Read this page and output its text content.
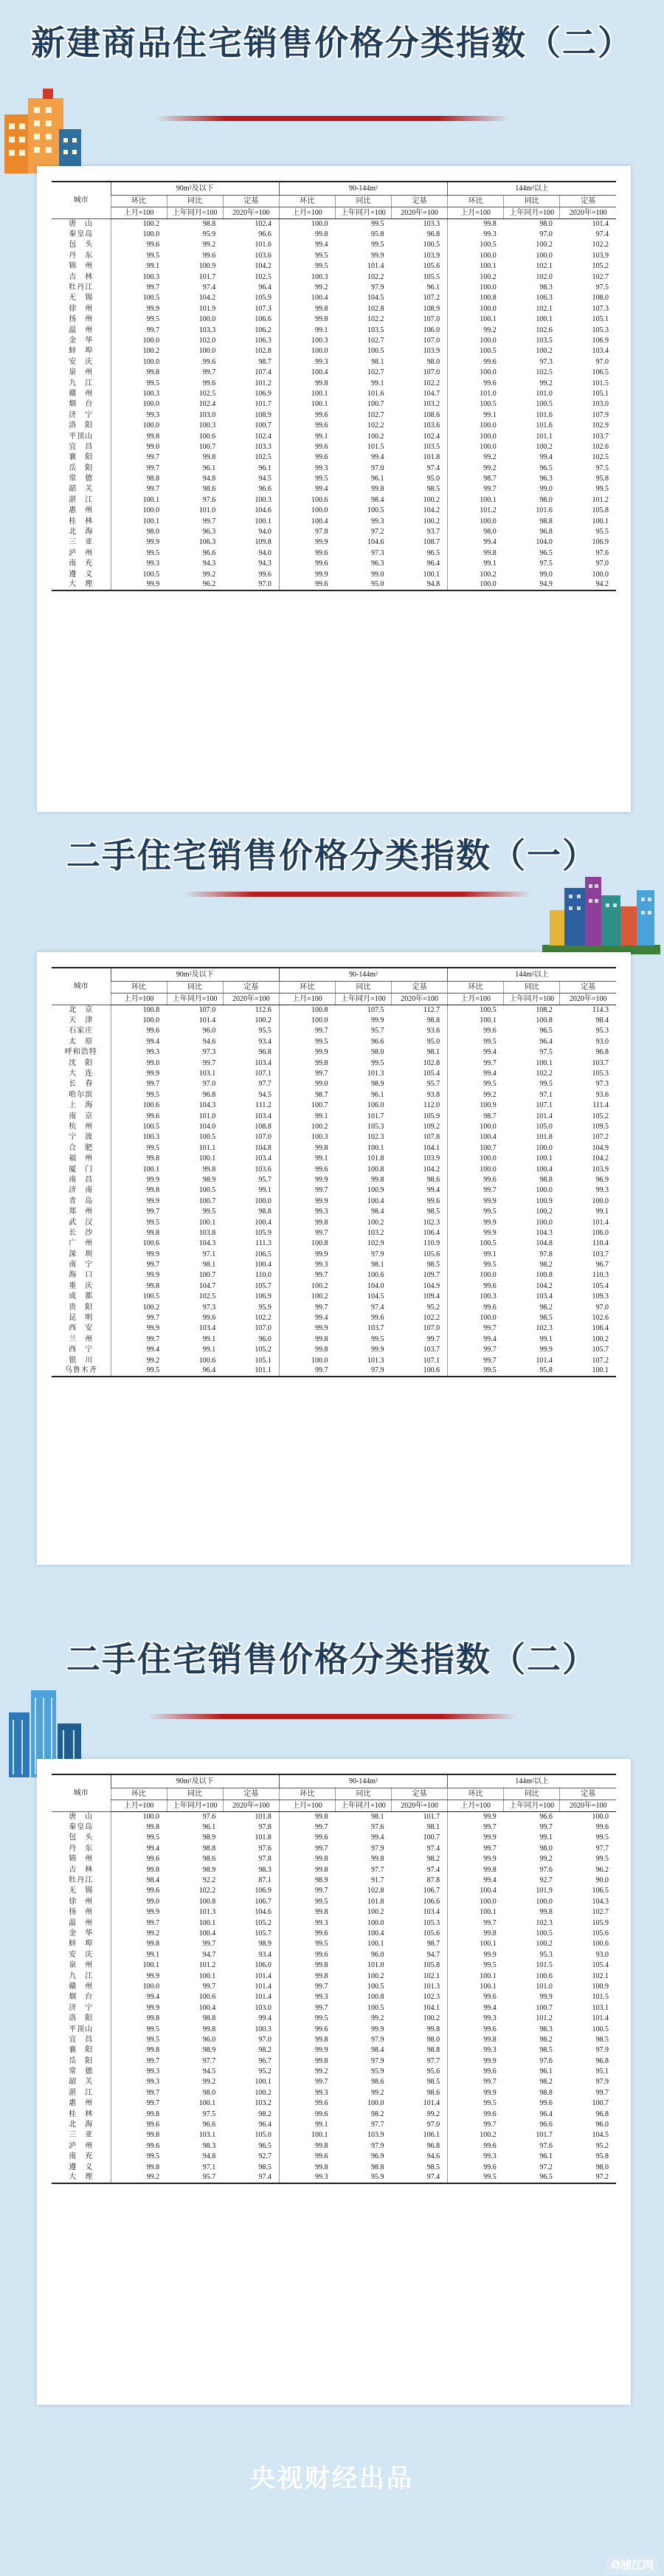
新建商品住宅销售价格分类指数（二）
城市	90m²及以下			90-144m²			144m²以上		
	环比	同比	定基	环比	同比	定基	环比	同比	定基
	上月=100	上年同月=100	2020年=100	上月=100	上年同月=100	2020年=100	上月=100	上年同月=100	2020年=100
唐　山	100.2	98.8	102.4	100.0	99.5	103.3	99.8	98.0	101.4
秦皇岛	100.0	95.9	96.6	99.8	95.8	96.8	99.3	97.0	97.4
包　头	99.6	99.2	101.6	99.4	99.5	100.5	100.5	100.2	102.2
丹　东	99.5	99.6	103.6	99.5	99.9	103.9	100.0	100.0	103.9
锦　州	99.1	100.9	104.2	99.5	101.4	105.6	100.1	102.1	105.2
吉　林	100.3	101.7	102.5	100.3	102.2	105.5	100.2	102.0	102.7
牡丹江	99.7	97.4	96.4	99.2	97.9	96.1	100.0	98.3	97.5
无　锡	100.5	104.2	105.9	100.4	104.5	107.2	100.8	106.3	108.0
徐　州	99.9	101.9	107.3	99.8	102.8	108.9	100.0	102.1	107.3
扬　州	99.5	100.0	106.6	99.8	102.2	107.0	100.1	100.1	105.1
温　州	99.7	103.3	106.2	99.1	103.5	106.0	99.2	102.6	105.3
金　华	100.0	102.0	106.3	100.3	102.7	107.0	100.0	103.5	106.9
蚌　埠	100.2	100.0	102.8	100.0	100.5	103.9	100.5	100.2	103.4
安　庆	100.0	99.6	98.7	99.3	98.1	98.0	99.6	97.3	97.0
泉　州	99.8	99.7	107.4	100.4	102.7	107.0	100.0	102.5	106.5
九　江	99.5	99.6	101.2	99.8	99.1	102.2	99.6	99.2	101.5
赣　州	100.3	102.5	106.9	100.1	101.6	104.7	101.0	101.0	105.1
烟　台	100.0	102.4	101.7	100.1	100.7	103.2	100.5	100.5	103.0
济　宁	99.3	103.0	108.9	99.6	102.7	108.6	99.1	101.6	107.9
洛　阳	100.0	100.3	100.7	99.6	102.2	103.6	100.0	101.6	102.9
平顶山	99.8	100.6	102.4	99.1	100.2	102.4	100.0	101.1	103.7
宜　昌	99.0	100.7	103.3	99.6	101.5	103.5	100.0	100.2	102.6
襄　阳	99.7	99.8	102.5	99.6	99.4	101.8	99.2	99.4	102.5
岳　阳	99.7	96.1	96.1	99.3	97.0	97.4	99.2	96.5	97.5
常　德	98.8	94.8	94.5	99.5	96.1	95.0	98.7	96.3	95.8
韶　关	99.7	98.6	96.6	99.4	99.8	98.5	99.7	99.0	99.5
湛　江	100.1	97.6	100.3	100.6	98.4	100.2	100.1	98.0	101.2
惠　州	100.0	101.0	104.6	100.0	100.5	104.2	101.2	101.6	105.8
桂　林	100.1	99.7	100.1	100.4	99.3	100.2	100.0	98.8	100.1
北　海	98.0	96.3	94.0	97.8	97.2	93.7	98.0	96.8	95.5
三　亚	99.9	106.3	109.8	99.9	104.6	108.7	99.4	104.0	106.9
泸　州	99.5	96.6	94.0	99.6	97.3	96.5	99.8	96.5	97.6
南　充	99.3	94.3	94.3	99.6	96.3	96.4	99.1	97.5	97.0
遵　义	100.5	99.2	99.6	99.9	99.0	100.1	100.2	99.0	100.0
大　理	99.9	96.2	97.0	99.6	95.0	94.8	100.0	94.9	94.2
二手住宅销售价格分类指数（一）
城市	90m²及以下			90-144m²			144m²以上		
	环比	同比	定基	环比	同比	定基	环比	同比	定基
	上月=100	上年同月=100	2020年=100	上月=100	上年同月=100	2020年=100	上月=100	上年同月=100	2020年=100
北　京	100.8	107.0	112.6	100.8	107.5	112.7	100.5	108.2	114.3
天　津	100.0	101.4	100.2	100.0	99.9	98.8	100.1	100.8	98.4
石家庄	99.6	96.0	95.5	99.7	95.7	93.6	99.6	96.5	95.3
太　原	99.4	94.6	93.4	99.5	96.6	95.0	99.5	96.4	93.0
呼和浩特	99.3	97.3	96.8	99.9	98.0	98.1	99.4	97.5	96.8
沈　阳	99.0	99.7	103.4	99.8	99.5	102.8	99.7	100.1	103.7
大　连	99.9	103.1	107.1	99.7	101.3	105.4	99.4	102.2	105.3
长　春	99.7	97.0	97.7	99.0	98.9	95.7	99.5	99.5	97.3
哈尔滨	99.5	96.8	94.5	98.7	96.1	93.8	99.2	97.1	93.6
上　海	100.6	104.3	111.2	100.7	106.0	112.0	100.9	107.1	111.4
南　京	99.6	101.0	103.4	99.1	101.7	105.9	98.7	101.4	105.2
杭　州	100.5	104.0	108.8	100.2	105.3	109.2	100.0	105.0	109.5
宁　波	100.3	100.5	107.0	100.3	102.3	107.8	100.4	101.8	107.2
合　肥	99.5	101.1	104.8	99.8	100.1	104.1	100.7	100.0	104.9
福　州	99.8	100.1	103.4	99.1	101.8	103.9	100.0	100.1	104.2
厦　门	100.1	99.8	103.6	99.6	100.8	104.2	100.0	100.4	103.9
南　昌	99.9	98.9	95.7	99.9	99.8	98.6	99.6	98.8	96.9
济　南	99.8	100.5	99.1	99.7	100.9	99.4	99.7	100.0	99.3
青　岛	99.9	100.7	100.0	99.9	100.4	99.6	99.9	100.9	100.0
郑　州	99.7	99.5	98.8	99.3	98.4	98.5	99.5	100.2	99.1
武　汉	99.5	100.1	100.4	99.8	100.2	102.3	99.9	100.0	101.4
长　沙	99.8	103.8	105.9	99.7	103.2	106.4	99.9	104.3	106.0
广　州	100.6	104.3	111.3	100.8	102.9	110.9	100.5	104.8	110.4
深　圳	99.9	97.1	106.5	99.9	97.9	105.6	99.1	97.8	103.7
南　宁	99.7	98.1	100.4	99.3	98.1	98.5	99.5	98.2	96.7
海　口	99.9	100.7	110.0	99.7	100.6	109.7	100.0	100.8	110.3
重　庆	99.8	104.7	105.7	100.2	104.0	104.9	99.6	104.2	105.4
成　都	100.5	102.5	106.9	100.2	104.5	109.4	100.3	103.4	109.3
贵　阳	100.2	97.3	95.9	99.7	97.4	95.2	99.6	98.2	97.0
昆　明	99.7	99.6	102.2	99.4	99.6	102.2	100.0	98.5	102.6
西　安	99.9	103.4	107.0	99.9	103.7	107.0	99.7	102.3	106.4
兰　州	99.7	99.1	96.0	99.8	99.5	99.7	99.4	99.1	100.2
西　宁	99.4	99.1	105.2	99.8	99.9	103.7	99.7	99.9	105.7
银　川	99.2	100.6	105.1	100.0	101.3	107.1	99.7	101.4	107.2
乌鲁木齐	99.5	96.4	101.1	99.7	97.9	100.6	99.5	95.8	100.1
二手住宅销售价格分类指数（二）
城市	90m²及以下			90-144m²			144m²以上		
	环比	同比	定基	环比	同比	定基	环比	同比	定基
	上月=100	上年同月=100	2020年=100	上月=100	上年同月=100	2020年=100	上月=100	上年同月=100	2020年=100
唐　山	100.0	97.6	101.8	99.8	98.1	101.7	99.9	96.6	100.0
秦皇岛	99.8	96.1	97.8	99.7	97.6	98.1	99.7	99.7	99.6
包　头	99.5	98.9	101.8	99.6	99.4	100.7	99.9	99.1	99.5
丹　东	99.4	98.8	97.6	99.7	97.9	97.4	99.7	98.0	97.7
锦　州	99.6	98.6	97.8	99.8	99.8	98.2	99.9	99.2	99.5
吉　林	99.8	98.9	98.3	99.8	97.7	97.4	99.8	97.6	96.2
牡丹江	98.4	92.2	87.1	98.9	91.7	87.8	99.4	92.7	90.0
无　锡	99.6	102.2	106.9	99.7	102.8	106.7	100.4	101.9	106.5
徐　州	99.0	100.8	106.7	99.5	101.8	106.6	100.0	100.0	104.3
扬　州	99.9	101.3	104.6	99.8	100.2	103.4	100.1	99.8	102.7
温　州	99.7	100.1	105.2	99.3	100.0	105.3	99.7	102.3	105.9
金　华	99.2	100.4	105.7	99.6	100.4	105.6	99.8	100.5	105.6
蚌　埠	99.8	99.7	98.9	99.5	100.1	98.7	100.1	100.2	100.6
安　庆	99.1	94.7	93.4	99.6	96.0	94.7	99.9	95.3	93.0
泉　州	100.1	101.2	106.0	99.8	101.0	105.8	99.5	101.5	105.4
九　江	99.9	100.1	101.4	99.8	100.2	102.1	100.1	100.6	102.1
赣　州	100.0	99.7	101.4	99.7	100.5	101.3	100.1	101.0	100.9
烟　台	99.4	100.6	101.4	99.3	100.8	102.3	99.6	99.9	101.5
济　宁	99.9	100.4	103.0	99.7	100.5	104.1	99.4	100.7	103.1
洛　阳	99.8	98.8	99.4	99.5	99.2	100.2	99.3	101.2	101.4
平顶山	99.5	99.8	100.3	99.6	99.9	99.8	99.6	98.3	100.5
宜　昌	99.5	96.0	97.0	99.8	97.9	98.0	99.8	98.2	98.5
襄　阳	99.8	98.9	98.2	99.9	98.4	98.8	99.3	98.5	97.9
岳　阳	99.7	97.7	96.7	99.8	97.9	97.7	99.9	97.6	96.8
常　德	99.3	94.5	95.2	99.2	95.9	95.6	99.6	96.1	95.1
韶　关	99.3	99.2	100.1	99.7	98.6	98.5	99.7	98.2	97.9
湛　江	99.7	98.0	100.2	99.3	99.2	98.6	99.9	98.8	99.7
惠　州	99.7	100.1	103.2	99.6	100.0	101.4	99.5	99.6	100.7
桂　林	99.8	97.5	98.2	99.6	98.2	99.2	99.6	96.4	96.8
北　海	99.6	96.6	96.4	99.1	97.7	97.0	99.7	96.6	96.0
三　亚	99.8	103.1	105.0	100.1	103.9	106.1	100.2	101.7	104.5
泸　州	99.6	98.3	96.5	99.8	97.9	96.8	99.6	97.6	95.2
南　充	99.5	94.8	92.7	99.6	96.9	94.6	99.3	96.1	95.8
遵　义	99.8	97.1	98.5	99.8	98.8	98.5	99.6	97.2	98.0
大　理	99.2	95.7	97.4	99.3	95.9	97.4	99.5	96.5	97.2
央视财经出品
Ø浦江网
